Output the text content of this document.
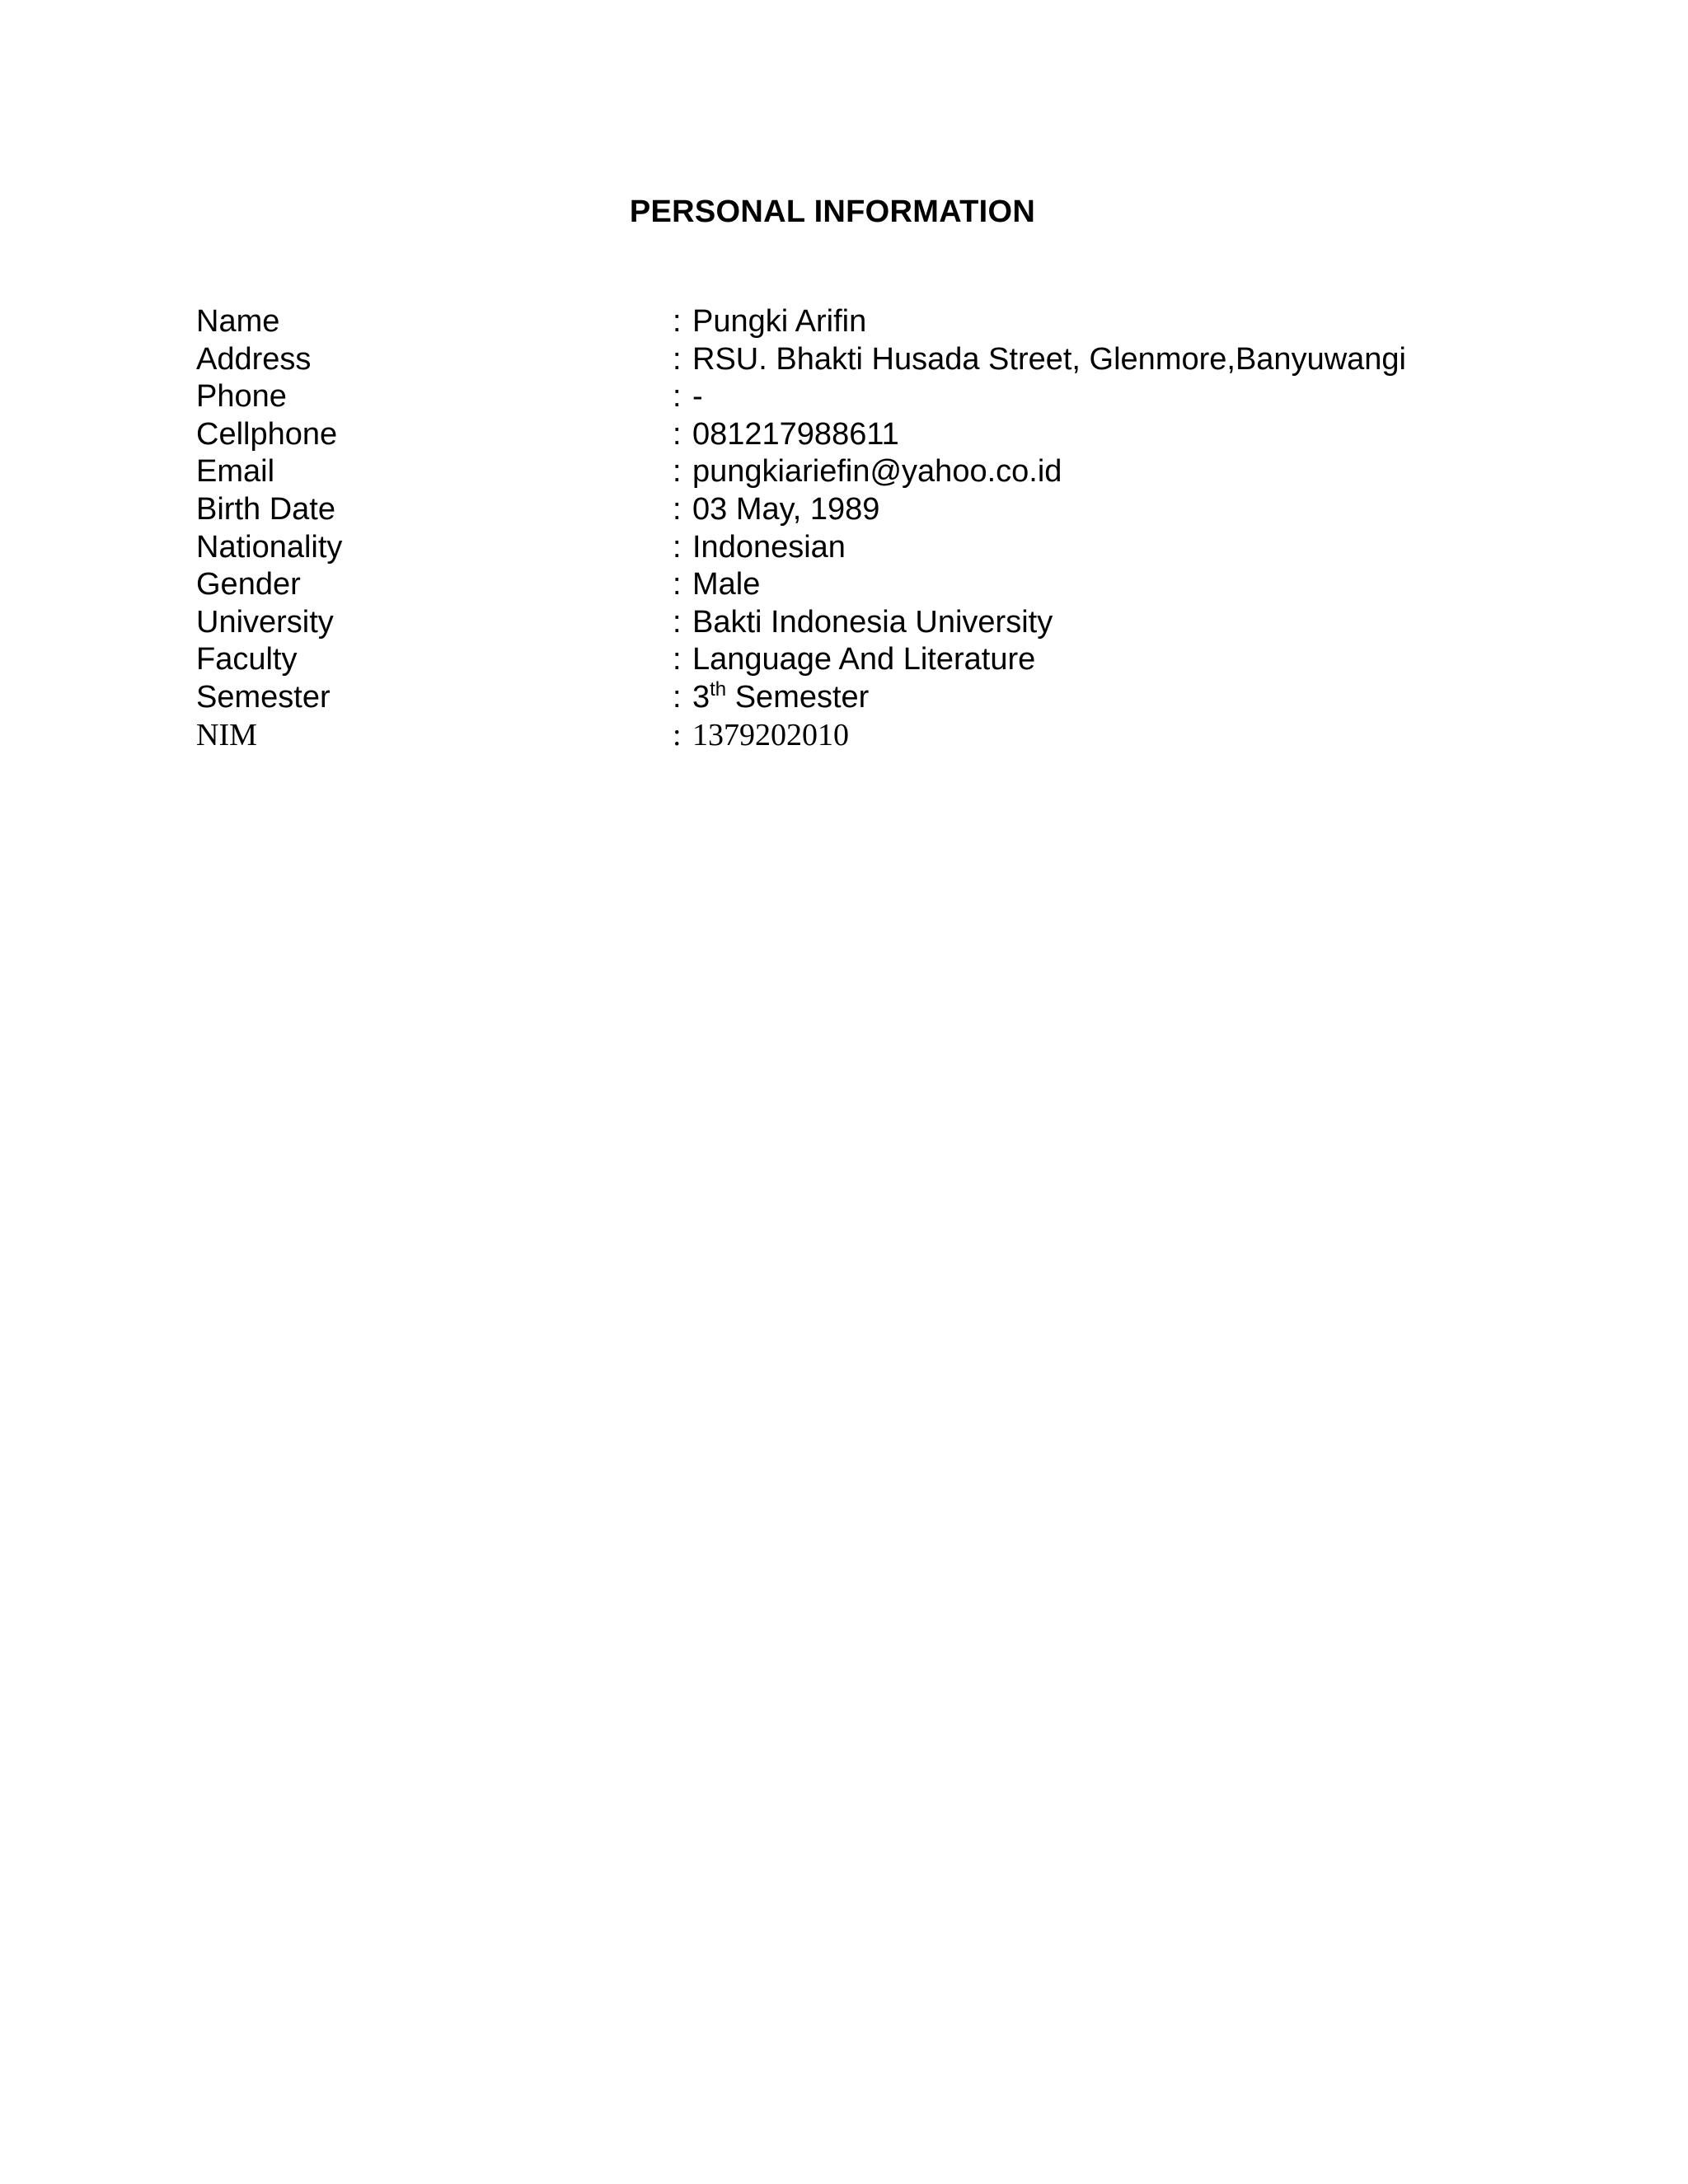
PERSONAL INFORMATION
Name	: Pungki Arifin
Address	: RSU. Bhakti Husada Street, Glenmore,Banyuwangi
Phone	: -
Cellphone	: 081217988611
Email	: pungkiariefin@yahoo.co.id
Birth Date	: 03 May, 1989
Nationality	: Indonesian
Gender	: Male
University	: Bakti Indonesia University
Faculty	: Language And Literature
Semester	: 3th Semester
NIM	: 1379202010
